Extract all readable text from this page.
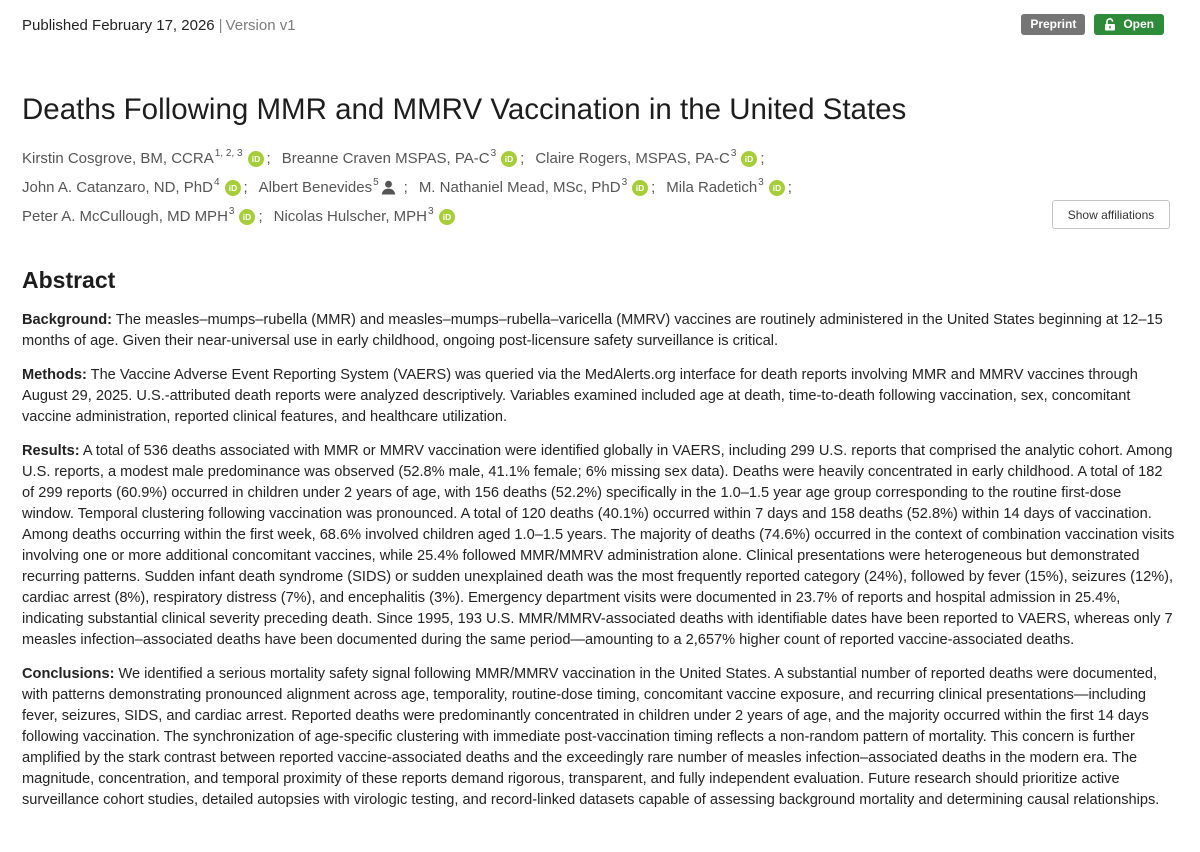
Published February 17, 2026 | Version v1	Preprint	Open
Deaths Following MMR and MMRV Vaccination in the United States
Kirstin Cosgrove, BM, CCRA$^{1, 2, 3}$
iD ; Breanne Craven MSPAS, $PA-C^3$
iD ; Claire Rogers, MSPAS, $PA-C^3$
iD ;
John A. Catanzaro, ND, PhD$^4$
iD ; Albert Benevides$^5$ ; M. Nathaniel Mead, MSc, PhD$^3$
iD ; Mila Radetich$^3$
iD ;
Peter A. McCullough, MD MPH$^3$
iD ; Nicolas Hulscher, MPH$^3$
iD	Show affiliations
Abstract

Background: The measles–mumps–rubella (MMR) and measles–mumps–rubella–varicella (MMRV) vaccines are routinely administered in the United States beginning at 12–15 months of age. Given their near-universal use in early childhood, ongoing post-licensure safety surveillance is critical.

Methods: The Vaccine Adverse Event Reporting System (VAERS) was queried via the MedAlerts.org interface for death reports involving MMR and MMRV vaccines through August 29, 2025. U.S.-attributed death reports were analyzed descriptively. Variables examined included age at death, time-to-death following vaccination, sex, concomitant vaccine administration, reported clinical features, and healthcare utilization.

Results: A total of 536 deaths associated with MMR or MMRV vaccination were identified globally in VAERS, including 299 U.S. reports that comprised the analytic cohort. Among U.S. reports, a modest male predominance was observed (52.8% male, 41.1% female; 6% missing sex data). Deaths were heavily concentrated in early childhood. A total of 182 of 299 reports (60.9%) occurred in children under 2 years of age, with 156 deaths (52.2%) specifically in the 1.0–1.5 year age group corresponding to the routine first-dose window. Temporal clustering following vaccination was pronounced. A total of 120 deaths (40.1%) occurred within 7 days and 158 deaths (52.8%) within 14 days of vaccination. Among deaths occurring within the first week, 68.6% involved children aged 1.0–1.5 years. The majority of deaths (74.6%) occurred in the context of combination vaccination visits involving one or more additional concomitant vaccines, while 25.4% followed MMR/MMRV administration alone. Clinical presentations were heterogeneous but demonstrated recurring patterns. Sudden infant death syndrome (SIDS) or sudden unexplained death was the most frequently reported category (24%), followed by fever (15%), seizures (12%), cardiac arrest (8%), respiratory distress (7%), and encephalitis (3%). Emergency department visits were documented in 23.7% of reports and hospital admission in 25.4%, indicating substantial clinical severity preceding death. Since 1995, 193 U.S. MMR/MMRV-associated deaths with identifiable dates have been reported to VAERS, whereas only 7 measles infection–associated deaths have been documented during the same period—amounting to a 2,657% higher count of reported vaccine-associated deaths.

Conclusions: We identified a serious mortality safety signal following MMR/MMRV vaccination in the United States. A substantial number of reported deaths were documented, with patterns demonstrating pronounced alignment across age, temporality, routine-dose timing, concomitant vaccine exposure, and recurring clinical presentations—including fever, seizures, SIDS, and cardiac arrest. Reported deaths were predominantly concentrated in children under 2 years of age, and the majority occurred within the first 14 days following vaccination. The synchronization of age-specific clustering with immediate post-vaccination timing reflects a non-random pattern of mortality. This concern is further amplified by the stark contrast between reported vaccine-associated deaths and the exceedingly rare number of measles infection–associated deaths in the modern era. The magnitude, concentration, and temporal proximity of these reports demand rigorous, transparent, and fully independent evaluation. Future research should prioritize active surveillance cohort studies, detailed autopsies with virologic testing, and record-linked datasets capable of assessing background mortality and determining causal relationships.
